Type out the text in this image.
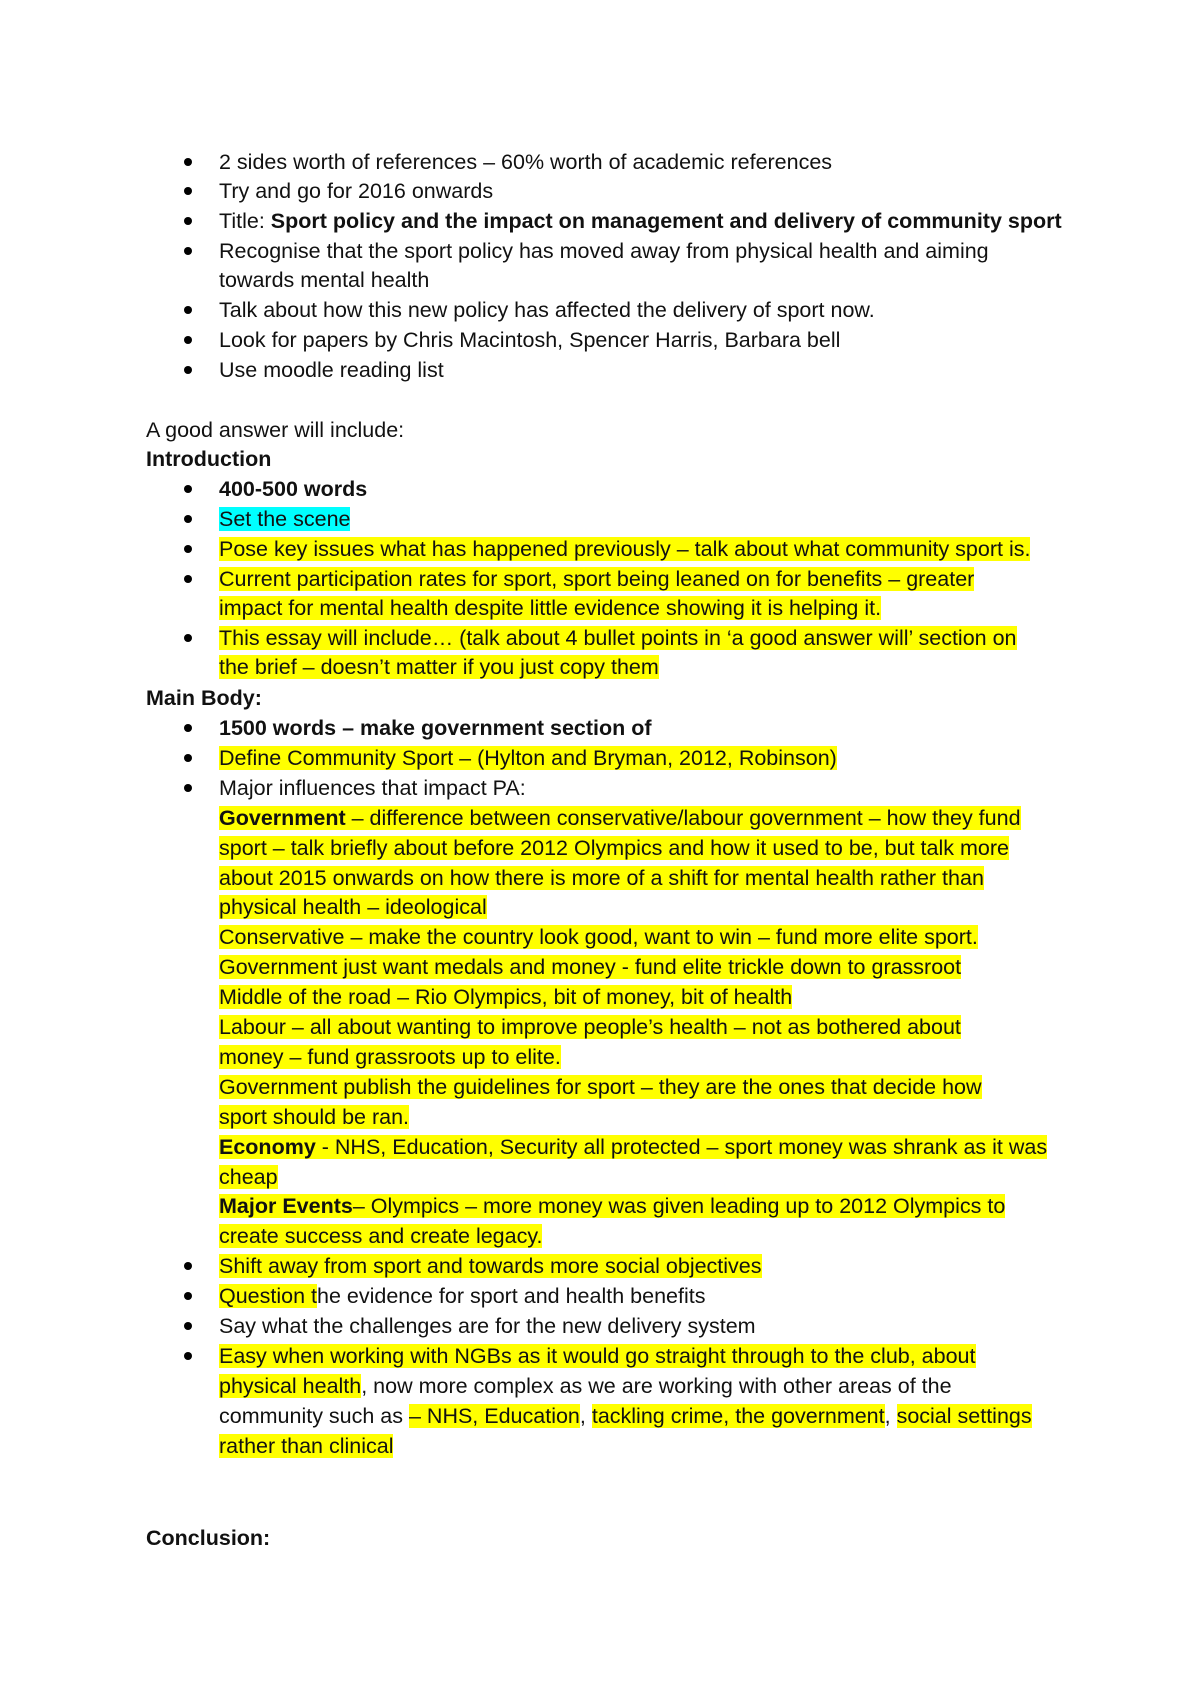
2 sides worth of references – 60% worth of academic references
Try and go for 2016 onwards
Title: Sport policy and the impact on management and delivery of community sport
Recognise that the sport policy has moved away from physical health and aiming
towards mental health
Talk about how this new policy has affected the delivery of sport now.
Look for papers by Chris Macintosh, Spencer Harris, Barbara bell
Use moodle reading list
A good answer will include:
Introduction
400-500 words
Set the scene
Pose key issues what has happened previously – talk about what community sport is.
Current participation rates for sport, sport being leaned on for benefits – greater
impact for mental health despite little evidence showing it is helping it.
This essay will include… (talk about 4 bullet points in ‘a good answer will’ section on
the brief – doesn’t matter if you just copy them
Main Body:
1500 words – make government section of
Define Community Sport – (Hylton and Bryman, 2012, Robinson)
Major influences that impact PA:
Government – difference between conservative/labour government – how they fund
sport – talk briefly about before 2012 Olympics and how it used to be, but talk more
about 2015 onwards on how there is more of a shift for mental health rather than
physical health – ideological
Conservative – make the country look good, want to win – fund more elite sport.
Government just want medals and money - fund elite trickle down to grassroot
Middle of the road – Rio Olympics, bit of money, bit of health
Labour – all about wanting to improve people’s health – not as bothered about
money – fund grassroots up to elite.
Government publish the guidelines for sport – they are the ones that decide how
sport should be ran.
Economy - NHS, Education, Security all protected – sport money was shrank as it was
cheap
Major Events– Olympics – more money was given leading up to 2012 Olympics to
create success and create legacy.
Shift away from sport and towards more social objectives
Question the evidence for sport and health benefits
Say what the challenges are for the new delivery system
Easy when working with NGBs as it would go straight through to the club, about
physical health, now more complex as we are working with other areas of the
community such as – NHS, Education, tackling crime, the government, social settings
rather than clinical
Conclusion:
